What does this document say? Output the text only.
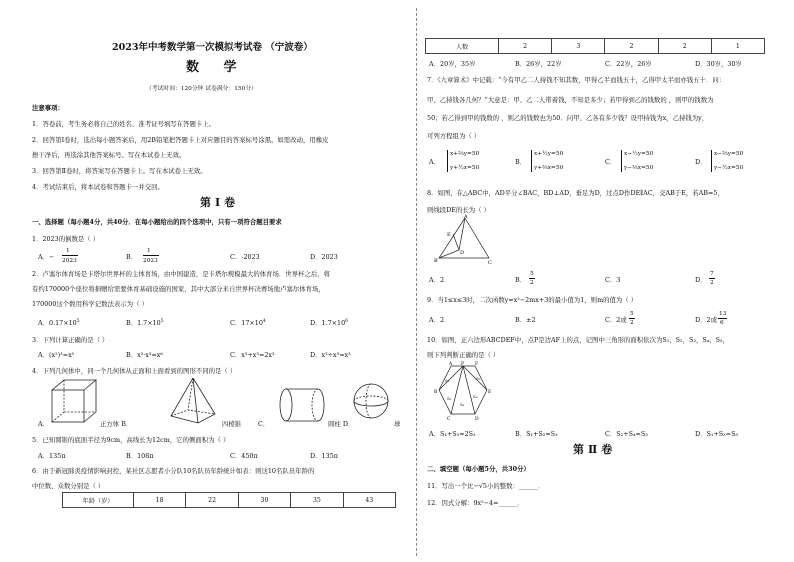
2023年中考数学第一次模拟考试卷 （宁波卷）
数 学
（考试时间：120分钟 试卷满分：150分）
注意事项：
1．答卷前，考生务必将自己的姓名、准考证号填写在答题卡上。
2．回答第Ⅰ卷时，选出每小题答案后，用2B铅笔把答题卡上对应题目的答案标号涂黑。如需改动，用橡皮
擦干净后，再选涂其他答案标号。写在本试卷上无效。
3．回答第Ⅱ卷时，将答案写在答题卡上。写在本试卷上无效。
4．考试结束后，将本试卷和答题卡一并交回。
第Ⅰ卷
一、选择题（每小题4分，共40分．在每小题给出的四个选项中，只有一项符合题目要求
1．2023的倒数是（ ）
A．−
1
2023	B．
1
2023	C．-2023	D．2023
2．卢塞尔体育场是卡塔尔世界杯的主体育场，由中国建造，是卡塔尔规模最大的体育场．世界杯之后，将
有约170000个座位将捐赠给需要体育基础设施的国家，其中大部分来自世界杯决赛场地卢塞尔体育场，
170000这个数用科学记数法表示为（ ）
A．$0.17\times 10^5$	B．$1.7\times 10^5$	C．$17\times 10^4$	D．$1.7\times 10^6$
3．下列计算正确的是（ ）
A．(x²)³=x⁵	B．x²·x³=x⁶	C．x³+x³=2x³	D．x³÷x³=x³
4．下列几何体中，同一个几何体从正面和上面看到的图形不同的是（ ）
A．	正方体 B．	四棱锥	C．	圆柱 D．	球
5．已知圆锥的底面半径为9cm，高线长为12cm，它的侧面积为（ ）
A．135π	B．108π	C．450π	D．135π
6．由于新冠肺炎疫情影响封控，某社区志愿者小分队10名队员年龄统计如表：则这10名队员年龄的
中位数、众数分别是（ ）
年龄（岁）	18	22	30	35	43
人数	2	3	2	2	1
A．20岁，35岁	B．26岁，22岁	C．22岁，26岁	D．30岁，30岁
7．《九章算术》中记载：“今有甲乙二人持钱不知其数，甲得乙半而钱五十，乙得甲太半而亦钱五十．问：
甲、乙持钱各几何？”大意是：甲、乙二人带着钱，不知是多少；若甲得到乙的钱数的 ，则甲的钱数为
50；若乙得到甲的钱数的 ，则乙的钱数也为50．问甲、乙各有多少钱？设甲持钱为x，乙持钱为y，
可列方程组为（ ）
A．
x+⅔y=50
y+½x=50
B．
x+½y=50
y+⅔x=50
C．
x−½y=50
y−⅔x=50
D．
x−⅔y=50
y−½x=50
8．如图，在△ABC中，AD平分∠BAC，BD⊥AD，垂足为D，过点D作DE∥AC，交AB于E，若AB=5，
则线段DE的长为（ ）
A
B	C
D
E
A．2	B．
5
2	C．3	D．
7
2
9．当1≤x≤3时，二次函数y=x²−2mx+3的最小值为1，则m的值为（ ）
A．2	B．±2	C．2或
5
2	D．2或
13
6
10．如图，正六边形ABCDEF中，点P是边AF上的点，记图中三角形的面积依次为S₁，S₂，S₃，S₄，S₅，
则下列判断正确的是（ ）
A
B
C	D
E
F
P
S₁
S₂
S₃
S₄
S₅
A．S₁+S₅=2S₃	B．S₁+S₂=S₃	C．S₂+S₄=S₃	D．S₁+S₃=S₅
第Ⅱ卷
二、填空题（每小题5分，共30分）
11．写出一个比−√5小的整数：______．
12．因式分解：9x²−4=______．
